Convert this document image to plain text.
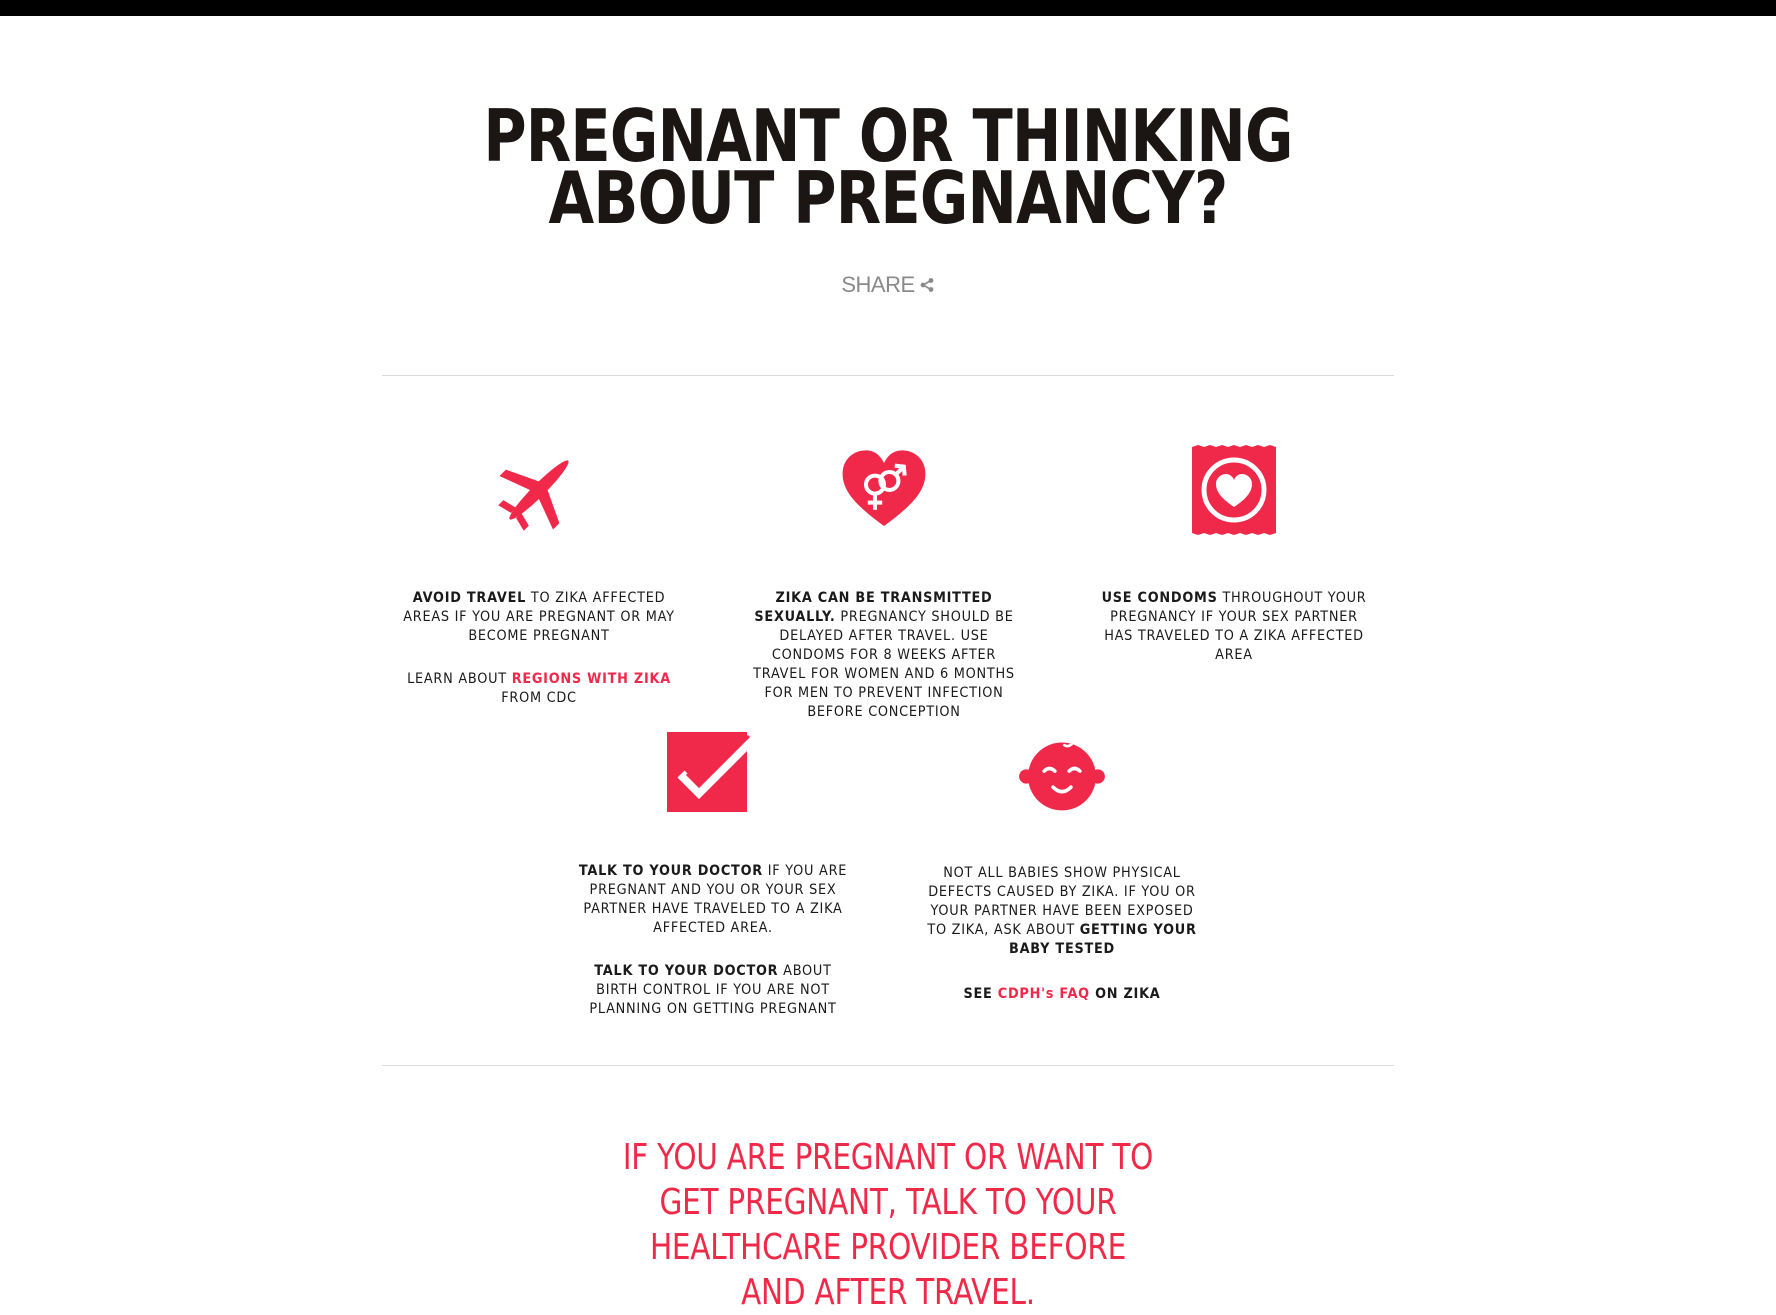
PREGNANT OR THINKING ABOUT PREGNANCY?
SHARE

AVOID TRAVEL TO ZIKA AFFECTED AREAS IF YOU ARE PREGNANT OR MAY BECOME PREGNANT

LEARN ABOUT REGIONS WITH ZIKA FROM CDC

ZIKA CAN BE TRANSMITTED SEXUALLY. PREGNANCY SHOULD BE DELAYED AFTER TRAVEL. USE CONDOMS FOR 8 WEEKS AFTER TRAVEL FOR WOMEN AND 6 MONTHS FOR MEN TO PREVENT INFECTION BEFORE CONCEPTION

USE CONDOMS THROUGHOUT YOUR PREGNANCY IF YOUR SEX PARTNER HAS TRAVELED TO A ZIKA AFFECTED AREA

TALK TO YOUR DOCTOR IF YOU ARE PREGNANT AND YOU OR YOUR SEX PARTNER HAVE TRAVELED TO A ZIKA AFFECTED AREA.

TALK TO YOUR DOCTOR ABOUT BIRTH CONTROL IF YOU ARE NOT PLANNING ON GETTING PREGNANT

NOT ALL BABIES SHOW PHYSICAL DEFECTS CAUSED BY ZIKA. IF YOU OR YOUR PARTNER HAVE BEEN EXPOSED TO ZIKA, ASK ABOUT GETTING YOUR BABY TESTED

SEE CDPH's FAQ ON ZIKA

IF YOU ARE PREGNANT OR WANT TO GET PREGNANT, TALK TO YOUR HEALTHCARE PROVIDER BEFORE AND AFTER TRAVEL.
